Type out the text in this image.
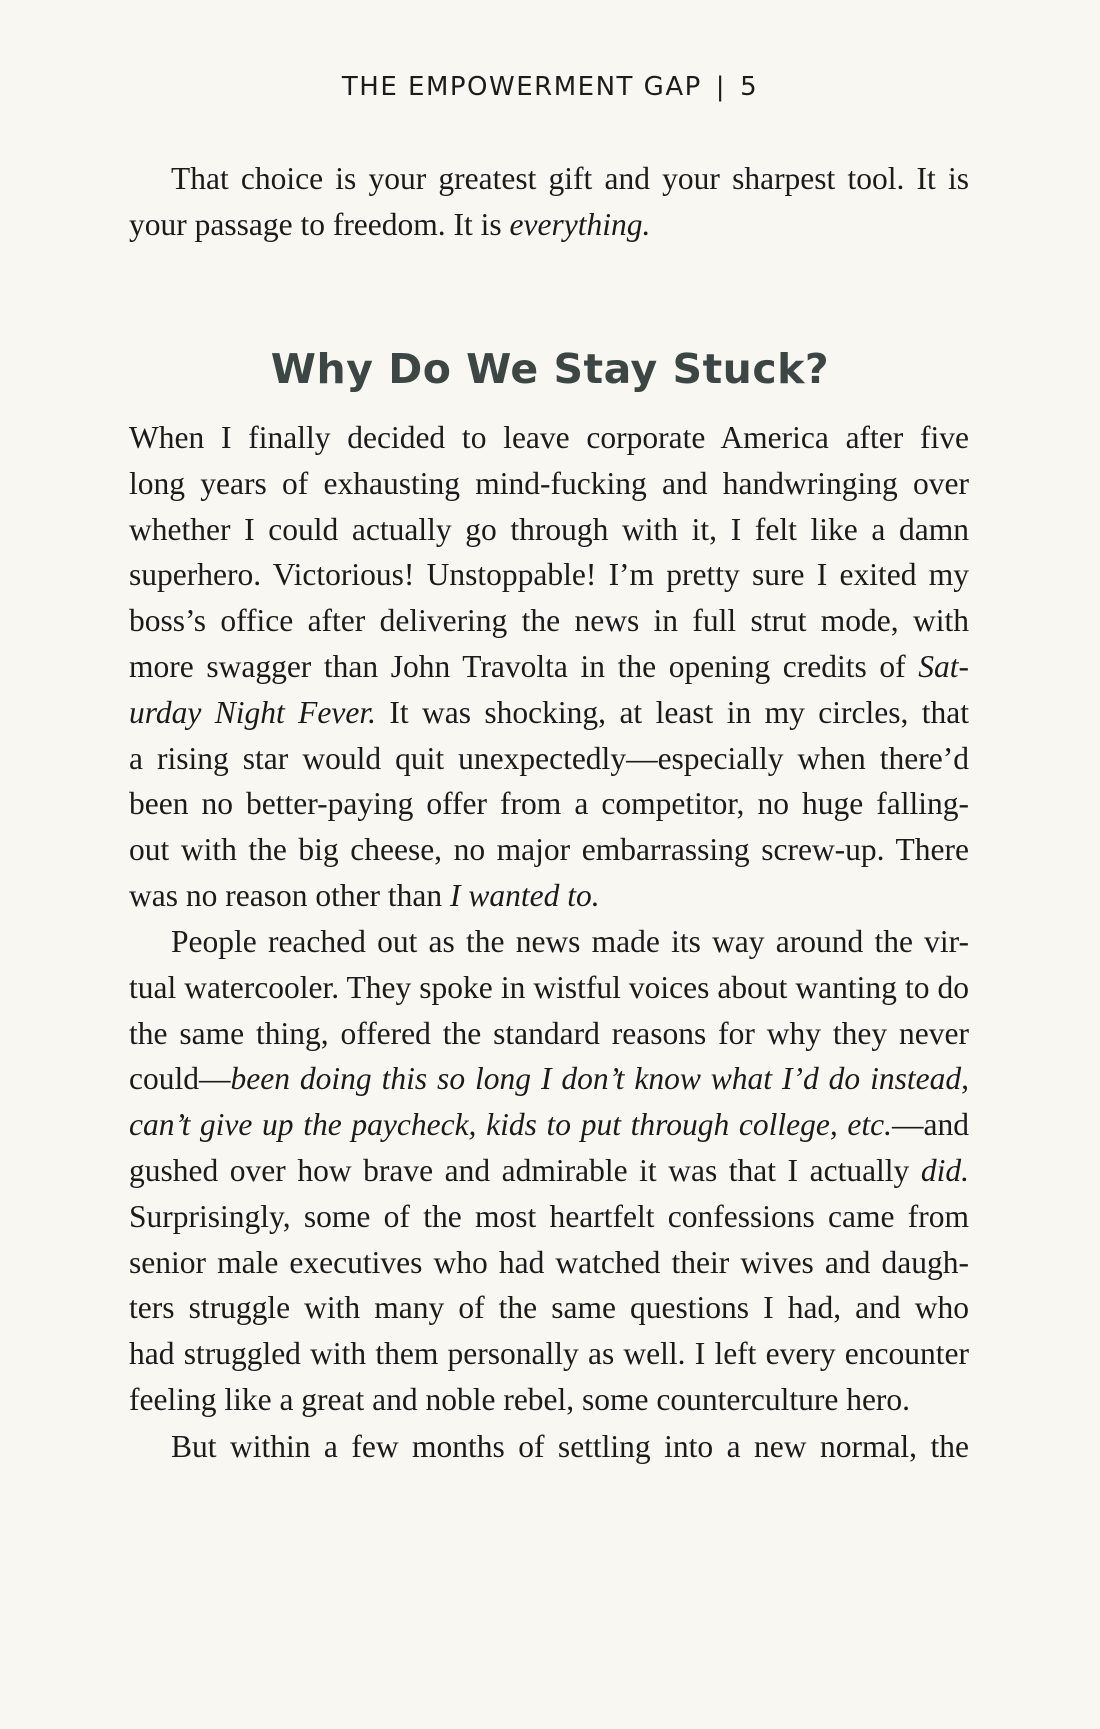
THE EMPOWERMENT GAP | 5
That choice is your greatest gift and your sharpest tool. It is
your passage to freedom. It is everything.
Why Do We Stay Stuck?
When I finally decided to leave corporate America after five
long years of exhausting mind-fucking and handwringing over
whether I could actually go through with it, I felt like a damn
superhero. Victorious! Unstoppable! I’m pretty sure I exited my
boss’s office after delivering the news in full strut mode, with
more swagger than John Travolta in the opening credits of Sat-
urday Night Fever. It was shocking, at least in my circles, that
a rising star would quit unexpectedly—especially when there’d
been no better-paying offer from a competitor, no huge falling-
out with the big cheese, no major embarrassing screw-up. There
was no reason other than I wanted to.
People reached out as the news made its way around the vir-
tual watercooler. They spoke in wistful voices about wanting to do
the same thing, offered the standard reasons for why they never
could—been doing this so long I don’t know what I’d do instead,
can’t give up the paycheck, kids to put through college, etc.—and
gushed over how brave and admirable it was that I actually did.
Surprisingly, some of the most heartfelt confessions came from
senior male executives who had watched their wives and daugh-
ters struggle with many of the same questions I had, and who
had struggled with them personally as well. I left every encounter
feeling like a great and noble rebel, some counterculture hero.
But within a few months of settling into a new normal, the
